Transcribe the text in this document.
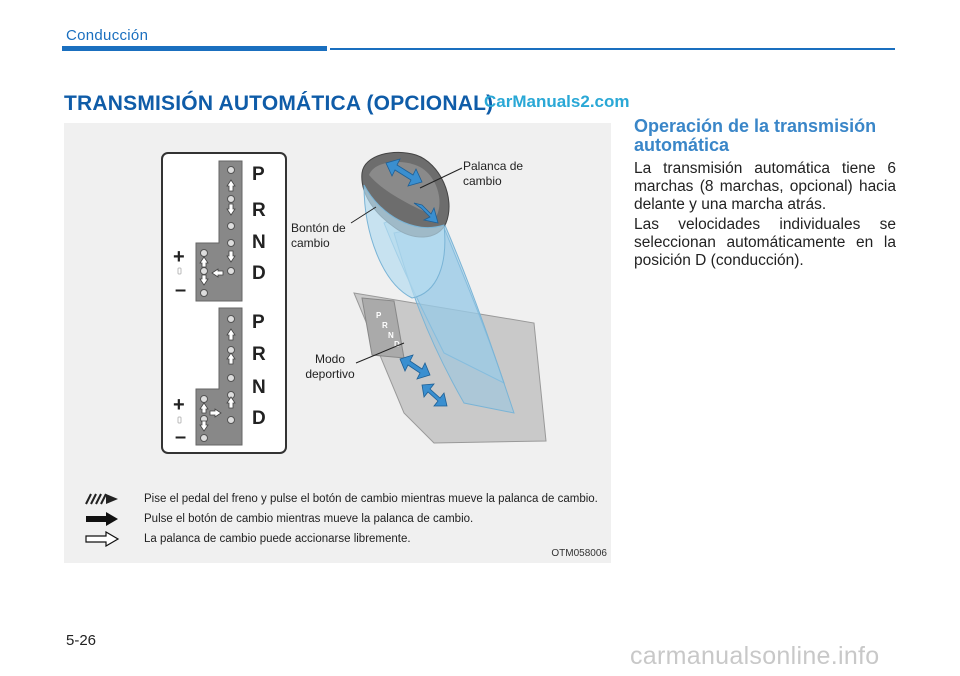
Conducción
TRANSMISIÓN AUTOMÁTICA (OPCIONAL)
CarManuals2.com
P
R
N
D
P
R
N
D
+
–
+
–
P
R
N
D
Palanca de cambio
Bontón de cambio
Modo deportivo
Pise el pedal del freno y pulse el botón de cambio mientras mueve la palanca de cambio.
Pulse el botón de cambio mientras mueve la palanca de cambio.
La palanca de cambio puede accionarse libremente.
OTM058006
Operación de la transmisión automática
La transmisión automática tiene 6 marchas (8 marchas, opcional) hacia delante y una marcha atrás.
Las velocidades individuales se seleccionan automáticamente en la posición D (conducción).
5-26
carmanualsonline.info
